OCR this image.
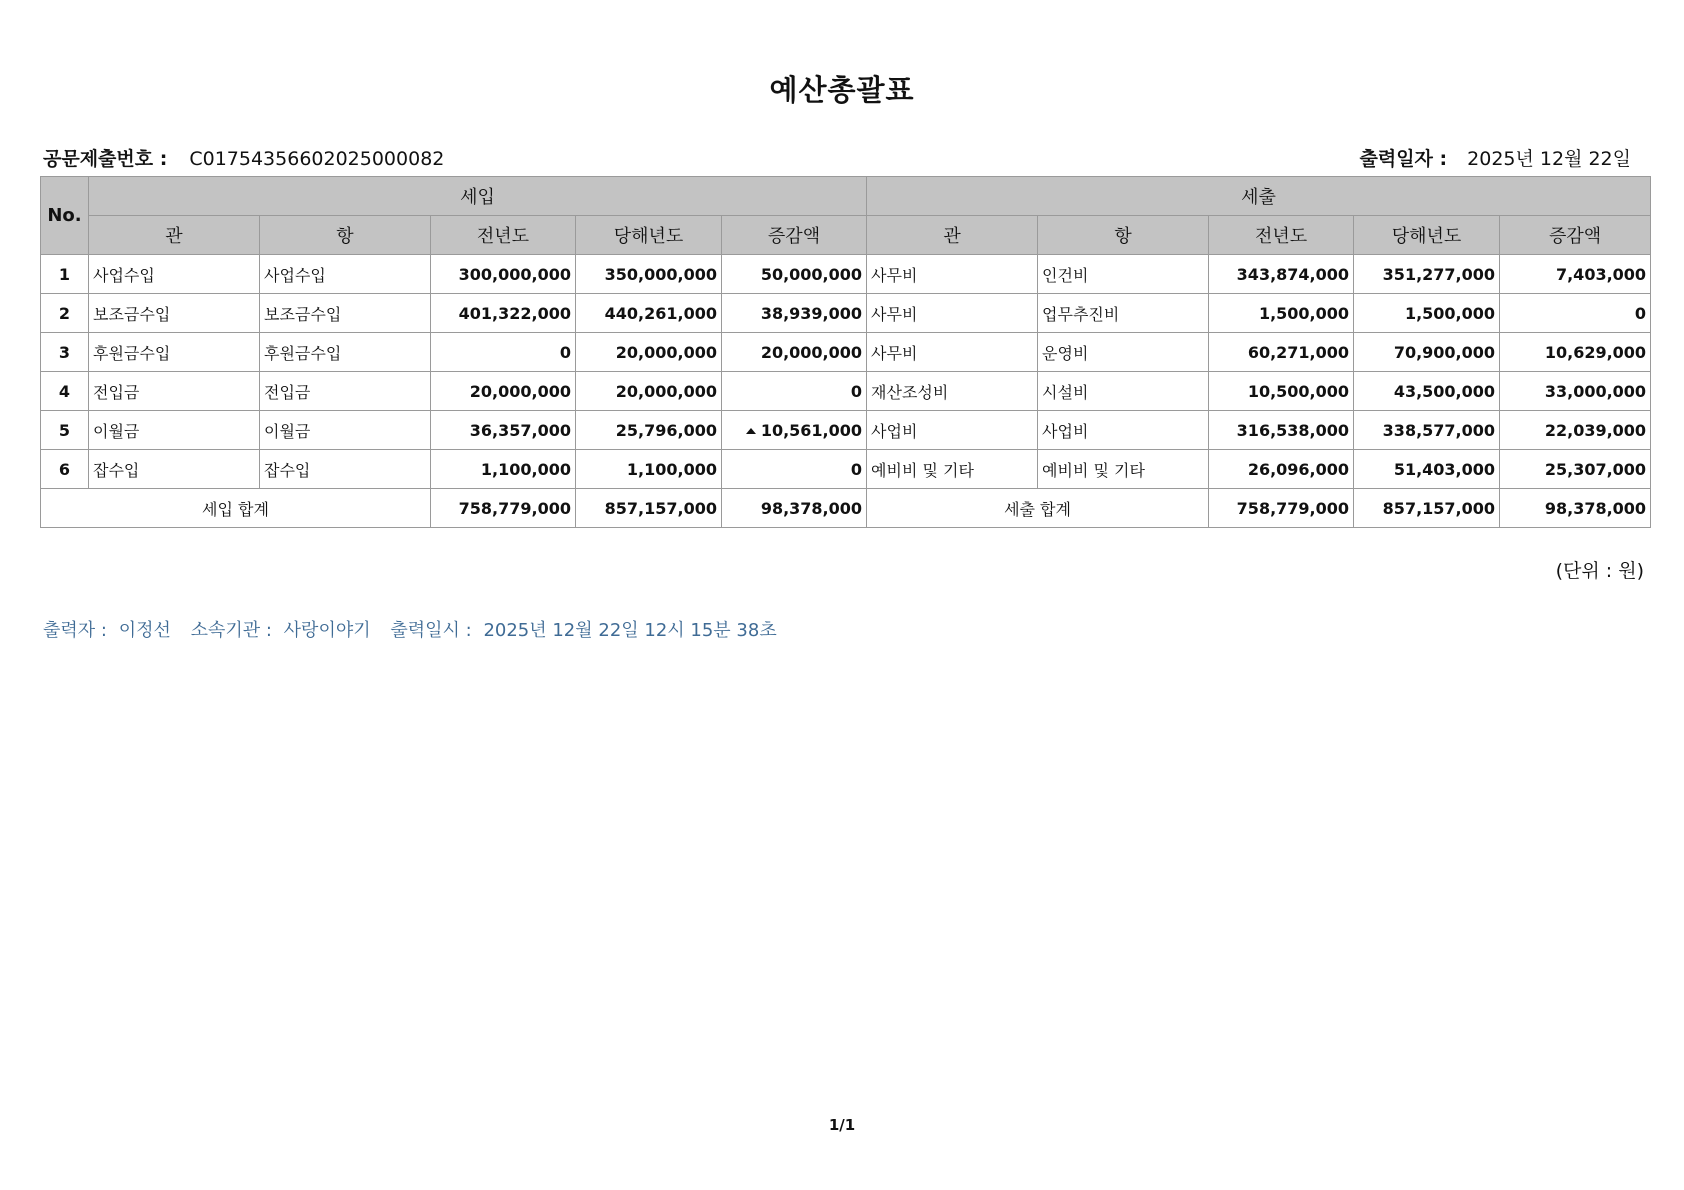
예산총괄표
공문제출번호 : C01754356602025000082	출력일자 : 2025년 12월 22일
No.	세입					세출				
	관	항	전년도	당해년도	증감액	관	항	전년도	당해년도	증감액
1	사업수입	사업수입	300,000,000	350,000,000	50,000,000	사무비	인건비	343,874,000	351,277,000	7,403,000
2	보조금수입	보조금수입	401,322,000	440,261,000	38,939,000	사무비	업무추진비	1,500,000	1,500,000	0
3	후원금수입	후원금수입	0	20,000,000	20,000,000	사무비	운영비	60,271,000	70,900,000	10,629,000
4	전입금	전입금	20,000,000	20,000,000	0	재산조성비	시설비	10,500,000	43,500,000	33,000,000
5	이월금	이월금	36,357,000	25,796,000	10,561,000	사업비	사업비	316,538,000	338,577,000	22,039,000
6	잡수입	잡수입	1,100,000	1,100,000	0	예비비 및 기타	예비비 및 기타	26,096,000	51,403,000	25,307,000
세입 합계			758,779,000	857,157,000	98,378,000	세출 합계		758,779,000	857,157,000	98,378,000
(단위 : 원)
출력자 : 이정선 소속기관 : 사랑이야기 출력일시 : 2025년 12월 22일 12시 15분 38초
1/1
